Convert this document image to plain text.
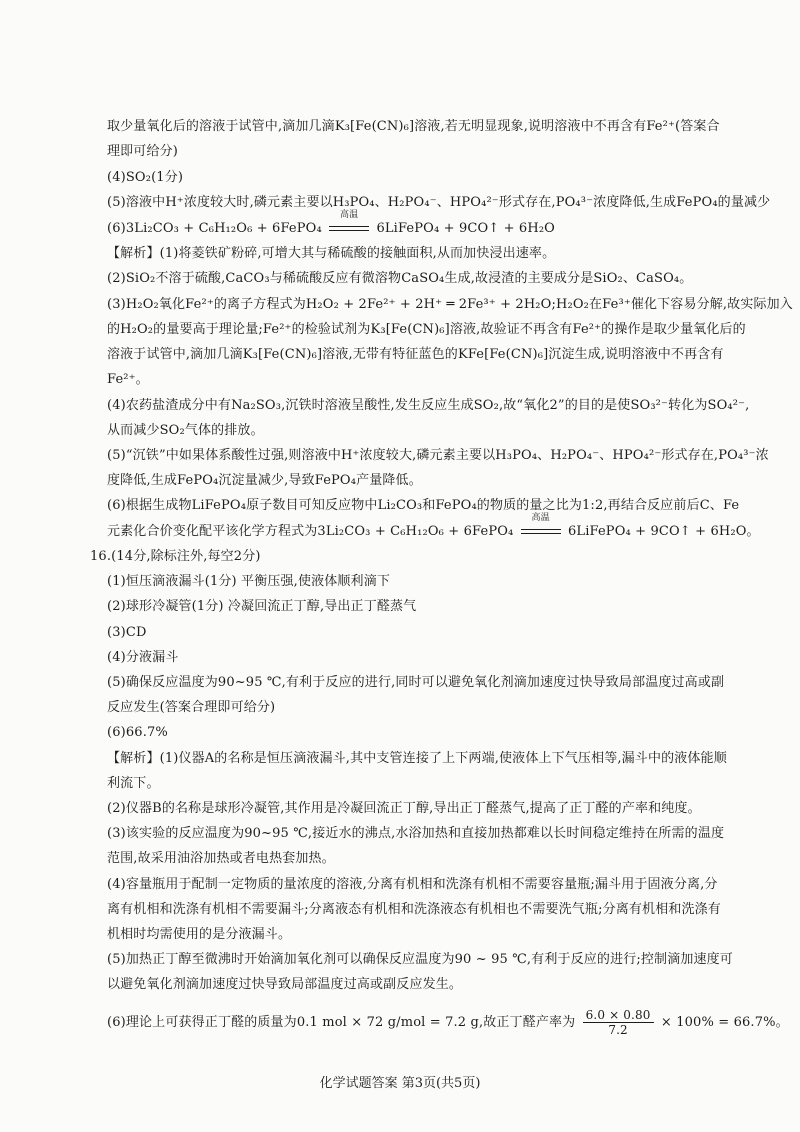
取少量氧化后的溶液于试管中,滴加几滴K₃[Fe(CN)₆]溶液,若无明显现象,说明溶液中不再含有Fe²⁺(答案合
理即可给分)
(4)SO₂(1分)
(5)溶液中H⁺浓度较大时,磷元素主要以H₃PO₄、H₂PO₄⁻、HPO₄²⁻形式存在,PO₄³⁻浓度降低,生成FePO₄的量减少
(6)3Li₂CO₃ + C₆H₁₂O₆ + 6FePO₄
高温
6LiFePO₄ + 9CO↑ + 6H₂O
【解析】(1)将菱铁矿粉碎,可增大其与稀硫酸的接触面积,从而加快浸出速率。
(2)SiO₂不溶于硫酸,CaCO₃与稀硫酸反应有微溶物CaSO₄生成,故浸渣的主要成分是SiO₂、CaSO₄。
(3)H₂O₂氧化Fe²⁺的离子方程式为H₂O₂ + 2Fe²⁺ + 2H⁺ ═ 2Fe³⁺ + 2H₂O;H₂O₂在Fe³⁺催化下容易分解,故实际加入
的H₂O₂的量要高于理论量;Fe²⁺的检验试剂为K₃[Fe(CN)₆]溶液,故验证不再含有Fe²⁺的操作是取少量氧化后的
溶液于试管中,滴加几滴K₃[Fe(CN)₆]溶液,无带有特征蓝色的KFe[Fe(CN)₆]沉淀生成,说明溶液中不再含有
Fe²⁺。
(4)农药盐渣成分中有Na₂SO₃,沉铁时溶液呈酸性,发生反应生成SO₂,故“氧化2”的目的是使SO₃²⁻转化为SO₄²⁻,
从而减少SO₂气体的排放。
(5)“沉铁”中如果体系酸性过强,则溶液中H⁺浓度较大,磷元素主要以H₃PO₄、H₂PO₄⁻、HPO₄²⁻形式存在,PO₄³⁻浓
度降低,生成FePO₄沉淀量减少,导致FePO₄产量降低。
(6)根据生成物LiFePO₄原子数目可知反应物中Li₂CO₃和FePO₄的物质的量之比为1:2,再结合反应前后C、Fe
元素化合价变化配平该化学方程式为3Li₂CO₃ + C₆H₁₂O₆ + 6FePO₄
高温
6LiFePO₄ + 9CO↑ + 6H₂O。
16.(14分,除标注外,每空2分)
(1)恒压滴液漏斗(1分) 平衡压强,使液体顺利滴下
(2)球形冷凝管(1分) 冷凝回流正丁醇,导出正丁醛蒸气
(3)CD
(4)分液漏斗
(5)确保反应温度为90~95 ℃,有利于反应的进行,同时可以避免氧化剂滴加速度过快导致局部温度过高或副
反应发生(答案合理即可给分)
(6)66.7%
【解析】(1)仪器A的名称是恒压滴液漏斗,其中支管连接了上下两端,使液体上下气压相等,漏斗中的液体能顺
利流下。
(2)仪器B的名称是球形冷凝管,其作用是冷凝回流正丁醇,导出正丁醛蒸气,提高了正丁醛的产率和纯度。
(3)该实验的反应温度为90~95 ℃,接近水的沸点,水浴加热和直接加热都难以长时间稳定维持在所需的温度
范围,故采用油浴加热或者电热套加热。
(4)容量瓶用于配制一定物质的量浓度的溶液,分离有机相和洗涤有机相不需要容量瓶;漏斗用于固液分离,分
离有机相和洗涤有机相不需要漏斗;分离液态有机相和洗涤液态有机相也不需要洗气瓶;分离有机相和洗涤有
机相时均需使用的是分液漏斗。
(5)加热正丁醇至微沸时开始滴加氧化剂可以确保反应温度为90 ~ 95 ℃,有利于反应的进行;控制滴加速度可
以避免氧化剂滴加速度过快导致局部温度过高或副反应发生。
(6)理论上可获得正丁醛的质量为0.1 mol × 72 g/mol = 7.2 g,故正丁醛产率为 $\frac{6.0 \times 0.80}{7.2} \times 100\% = 66.7\%$。
化学试题答案 第3页(共5页)
